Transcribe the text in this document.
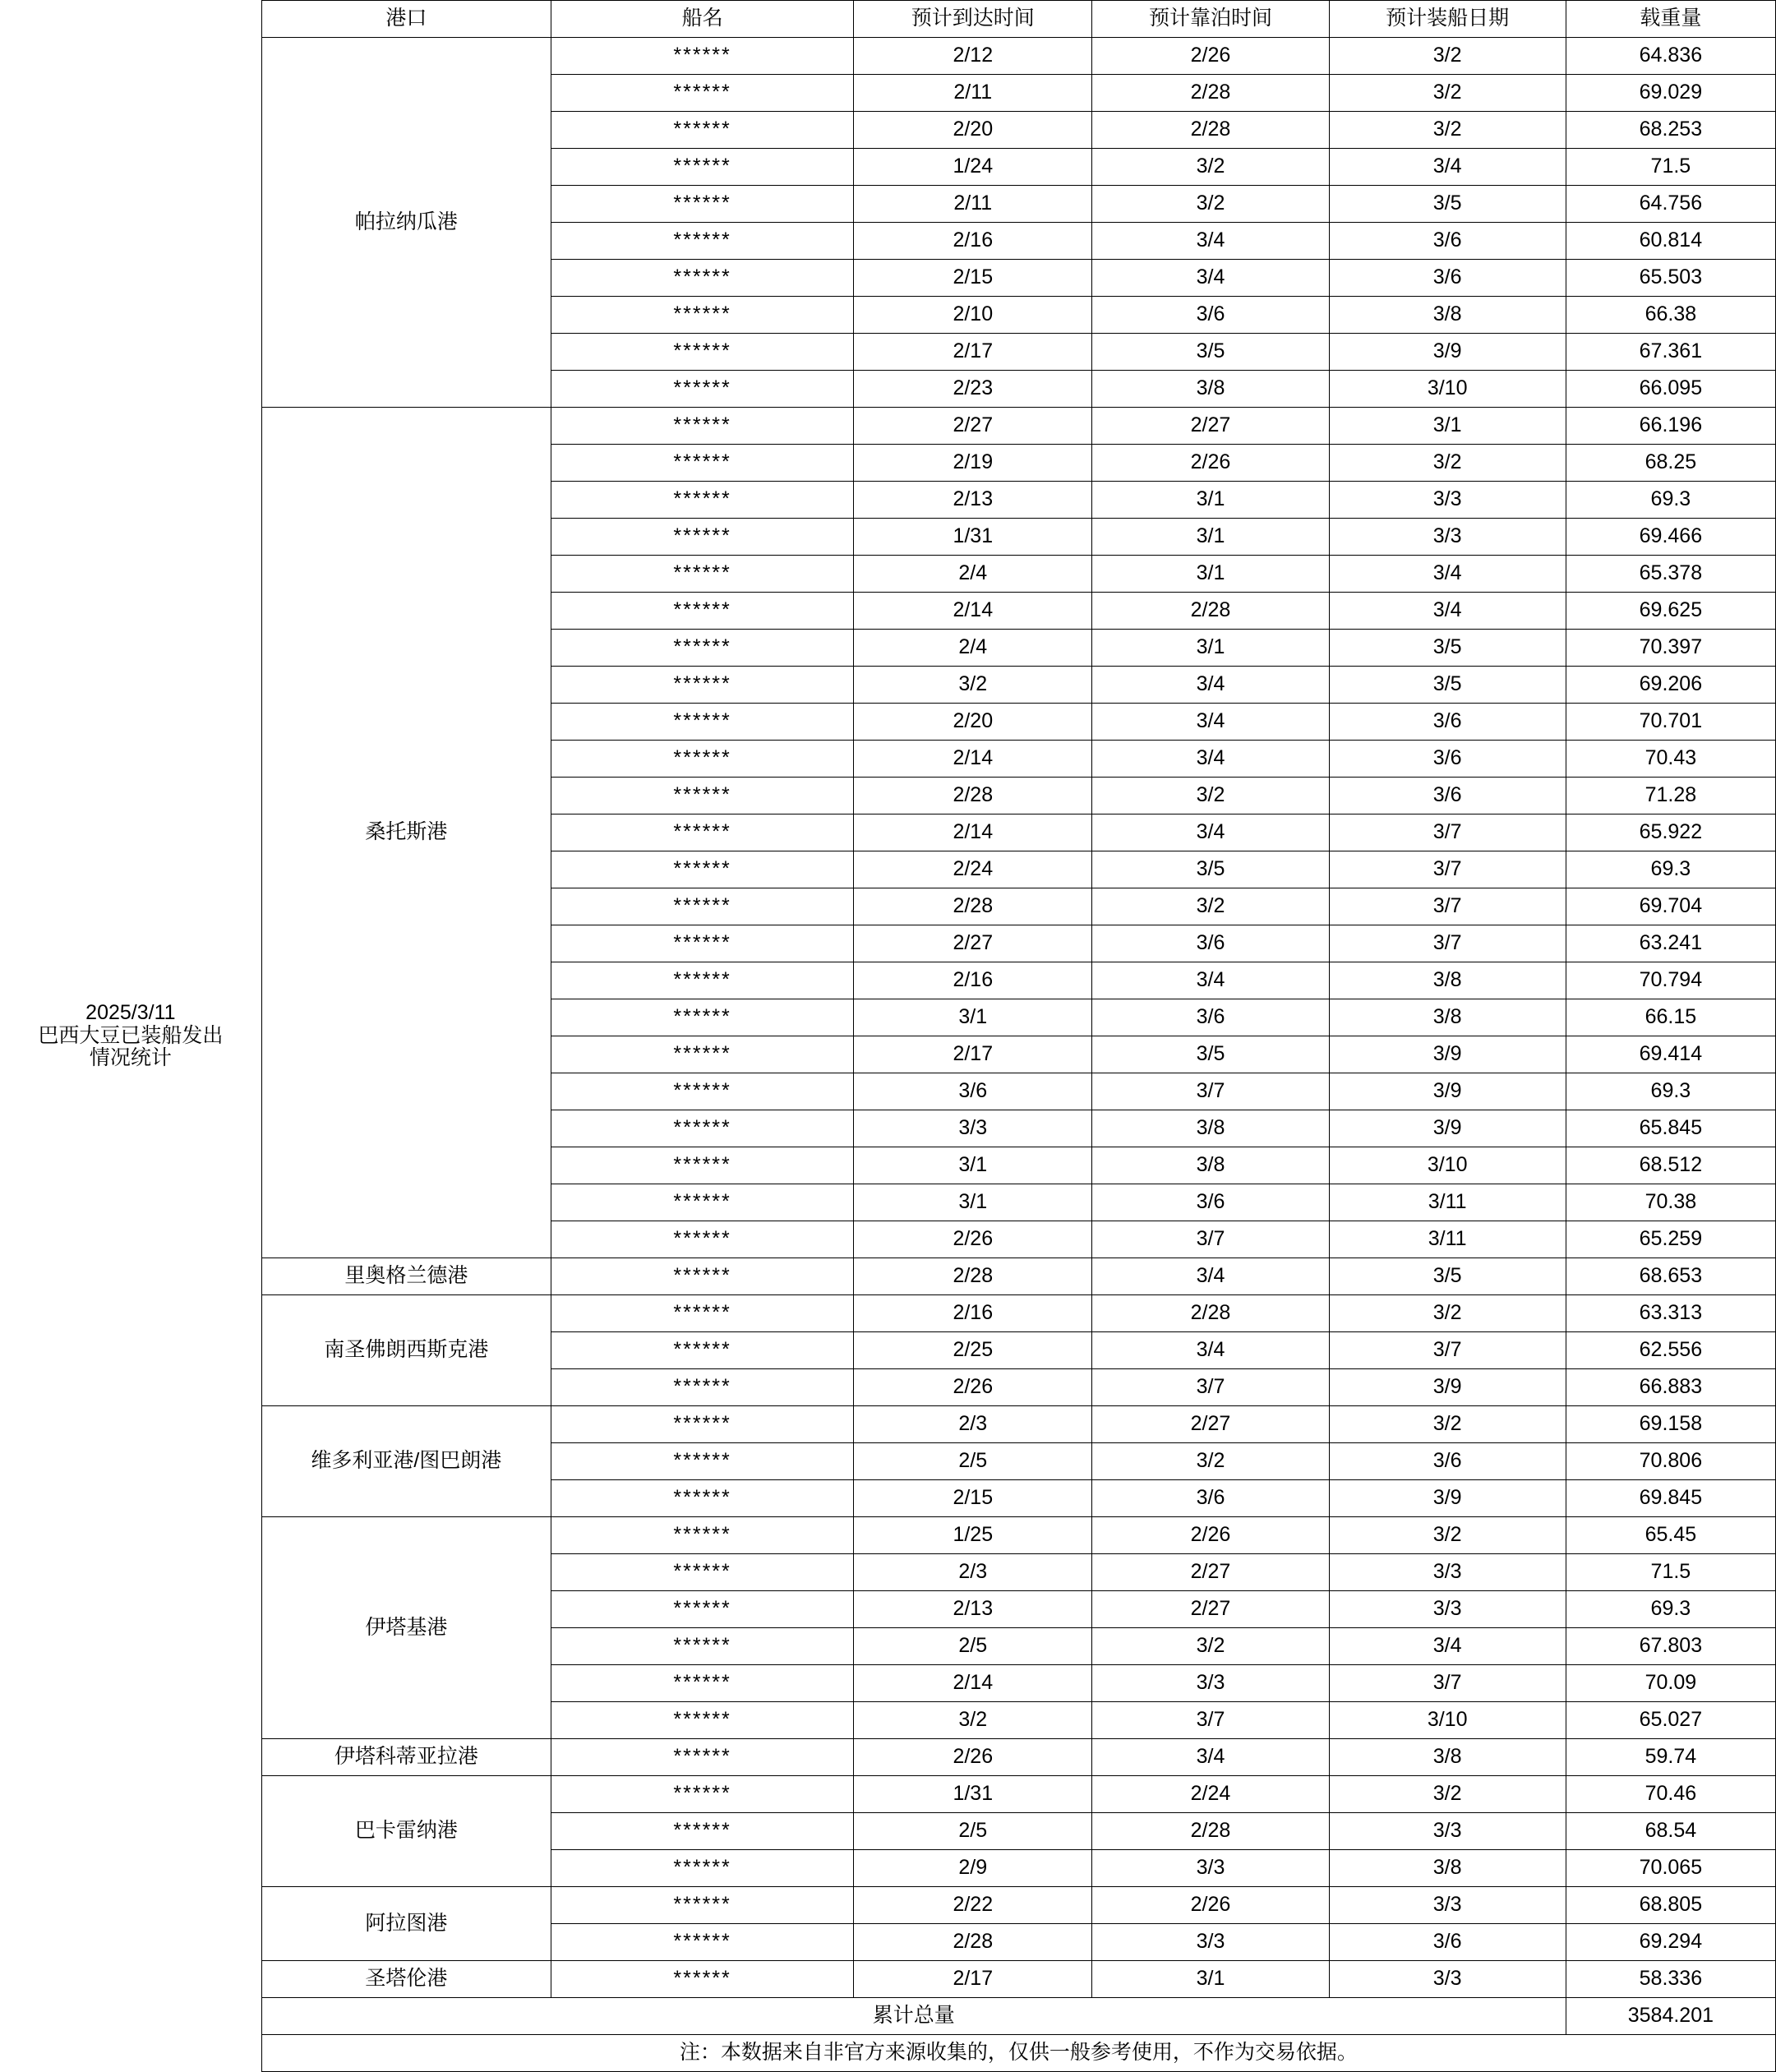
2025/3/11
巴西大豆已装船发出
情况统计	港口	船名	预计到达时间	预计靠泊时间	预计装船日期	载重量
	帕拉纳瓜港	******	2/12	2/26	3/2	64.836
		******	2/11	2/28	3/2	69.029
		******	2/20	2/28	3/2	68.253
		******	1/24	3/2	3/4	71.5
		******	2/11	3/2	3/5	64.756
		******	2/16	3/4	3/6	60.814
		******	2/15	3/4	3/6	65.503
		******	2/10	3/6	3/8	66.38
		******	2/17	3/5	3/9	67.361
		******	2/23	3/8	3/10	66.095
	桑托斯港	******	2/27	2/27	3/1	66.196
		******	2/19	2/26	3/2	68.25
		******	2/13	3/1	3/3	69.3
		******	1/31	3/1	3/3	69.466
		******	2/4	3/1	3/4	65.378
		******	2/14	2/28	3/4	69.625
		******	2/4	3/1	3/5	70.397
		******	3/2	3/4	3/5	69.206
		******	2/20	3/4	3/6	70.701
		******	2/14	3/4	3/6	70.43
		******	2/28	3/2	3/6	71.28
		******	2/14	3/4	3/7	65.922
		******	2/24	3/5	3/7	69.3
		******	2/28	3/2	3/7	69.704
		******	2/27	3/6	3/7	63.241
		******	2/16	3/4	3/8	70.794
		******	3/1	3/6	3/8	66.15
		******	2/17	3/5	3/9	69.414
		******	3/6	3/7	3/9	69.3
		******	3/3	3/8	3/9	65.845
		******	3/1	3/8	3/10	68.512
		******	3/1	3/6	3/11	70.38
		******	2/26	3/7	3/11	65.259
	里奥格兰德港	******	2/28	3/4	3/5	68.653
	南圣佛朗西斯克港	******	2/16	2/28	3/2	63.313
		******	2/25	3/4	3/7	62.556
		******	2/26	3/7	3/9	66.883
	维多利亚港/图巴朗港	******	2/3	2/27	3/2	69.158
		******	2/5	3/2	3/6	70.806
		******	2/15	3/6	3/9	69.845
	伊塔基港	******	1/25	2/26	3/2	65.45
		******	2/3	2/27	3/3	71.5
		******	2/13	2/27	3/3	69.3
		******	2/5	3/2	3/4	67.803
		******	2/14	3/3	3/7	70.09
		******	3/2	3/7	3/10	65.027
	伊塔科蒂亚拉港	******	2/26	3/4	3/8	59.74
	巴卡雷纳港	******	1/31	2/24	3/2	70.46
		******	2/5	2/28	3/3	68.54
		******	2/9	3/3	3/8	70.065
	阿拉图港	******	2/22	2/26	3/3	68.805
		******	2/28	3/3	3/6	69.294
	圣塔伦港	******	2/17	3/1	3/3	58.336
	累计总量					3584.201
	注：本数据来自非官方来源收集的，仅供一般参考使用，不作为交易依据。					
